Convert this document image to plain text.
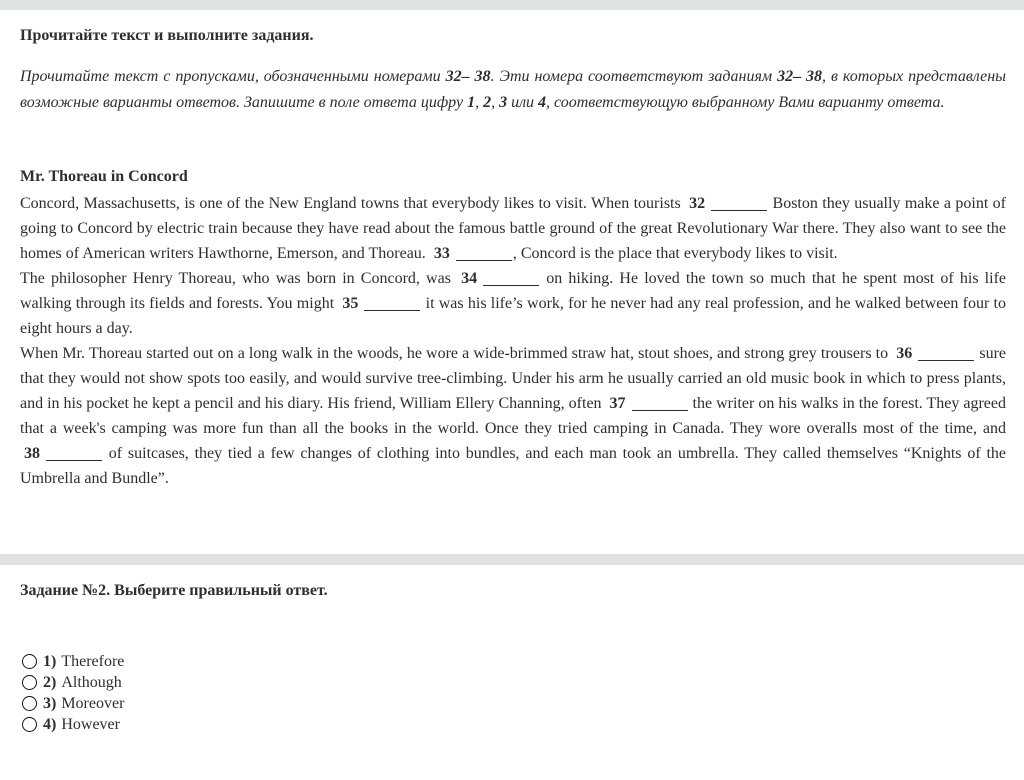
Прочитайте текст и выполните задания.

Прочитайте текст с пропусками, обозначенными номерами 32– 38. Эти номера соответствуют заданиям 32– 38, в которых представлены возможные варианты ответов. Запишите в поле ответа цифру 1, 2, 3 или 4, соответствующую выбранному Вами варианту ответа.

Mr. Thoreau in Concord

Concord, Massachusetts, is one of the New England towns that everybody likes to visit. When tourists 32	Boston they usually make a point of going to Concord by electric train because they have read about the famous battle ground of the great Revolutionary War there. They also want to see the homes of American writers Hawthorne, Emerson, and Thoreau. 33	, Concord is the place that everybody likes to visit.

The philosopher Henry Thoreau, who was born in Concord, was 34	on hiking. He loved the town so much that he spent most of his life walking through its fields and forests. You might 35	it was his life’s work, for he never had any real profession, and he walked between four to eight hours a day.

When Mr. Thoreau started out on a long walk in the woods, he wore a wide-brimmed straw hat, stout shoes, and strong grey trousers to 36	sure that they would not show spots too easily, and would survive tree-climbing. Under his arm he usually carried an old music book in which to press plants, and in his pocket he kept a pencil and his diary. His friend, William Ellery Channing, often 37	the writer on his walks in the forest. They agreed that a week's camping was more fun than all the books in the world. Once they tried camping in Canada. They wore overalls most of the time, and 38	of suitcases, they tied a few changes of clothing into bundles, and each man took an umbrella. They called themselves “Knights of the Umbrella and Bundle”.

Задание №2. Выберите правильный ответ.
1) Therefore
2) Although
3) Moreover
4) However
